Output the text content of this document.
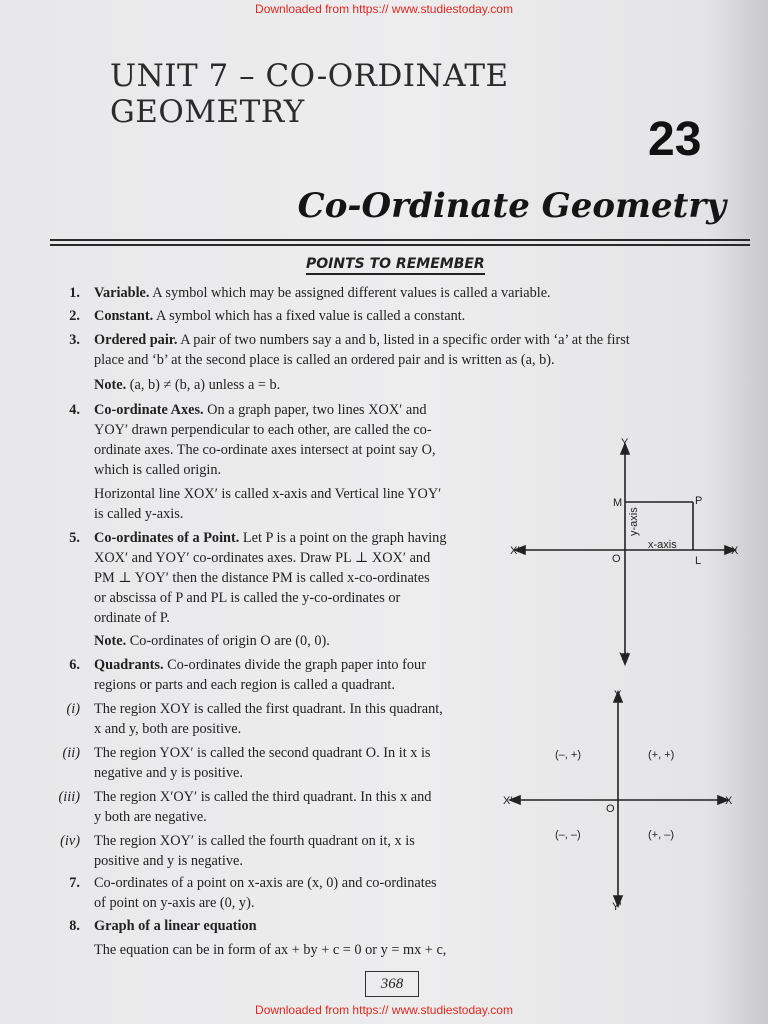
Downloaded from https:// www.studiestoday.com
UNIT 7 – CO-ORDINATE GEOMETRY
23
Co-Ordinate Geometry
POINTS TO REMEMBER
1. Variable. A symbol which may be assigned different values is called a variable.
2. Constant. A symbol which has a fixed value is called a constant.
3. Ordered pair. A pair of two numbers say a and b, listed in a specific order with ‘a’ at the first
place and ‘b’ at the second place is called an ordered pair and is written as (a, b).
Note. (a, b) ≠ (b, a) unless a = b.
4. Co-ordinate Axes. On a graph paper, two lines XOX′ and
YOY′ drawn perpendicular to each other, are called the co-
ordinate axes. The co-ordinate axes intersect at point say O,
which is called origin.
Horizontal line XOX′ is called x-axis and Vertical line YOY′
is called y-axis.
5. Co-ordinates of a Point. Let P is a point on the graph having
XOX′ and YOY′ co-ordinates axes. Draw PL ⊥ XOX′ and
PM ⊥ YOY′ then the distance PM is called x-co-ordinates
or abscissa of P and PL is called the y-co-ordinates or
ordinate of P.
Note. Co-ordinates of origin O are (0, 0).
6. Quadrants. Co-ordinates divide the graph paper into four
regions or parts and each region is called a quadrant.
(i) The region XOY is called the first quadrant. In this quadrant,
x and y, both are positive.
(ii) The region YOX′ is called the second quadrant O. In it x is
negative and y is positive.
(iii) The region X′OY′ is called the third quadrant. In this x and
y both are negative.
(iv) The region XOY′ is called the fourth quadrant on it, x is
positive and y is negative.
7. Co-ordinates of a point on x-axis are (x, 0) and co-ordinates
of point on y-axis are (0, y).
8. Graph of a linear equation
The equation can be in form of ax + by + c = 0 or y = mx + c,
Y
Y′
X
X′
O
M	P
L
x-axis
y-axis
Y
Y′
X
X′
O
(+, +)
(–, +)
(–, –)	(+, –)
368
Downloaded from https:// www.studiestoday.com
